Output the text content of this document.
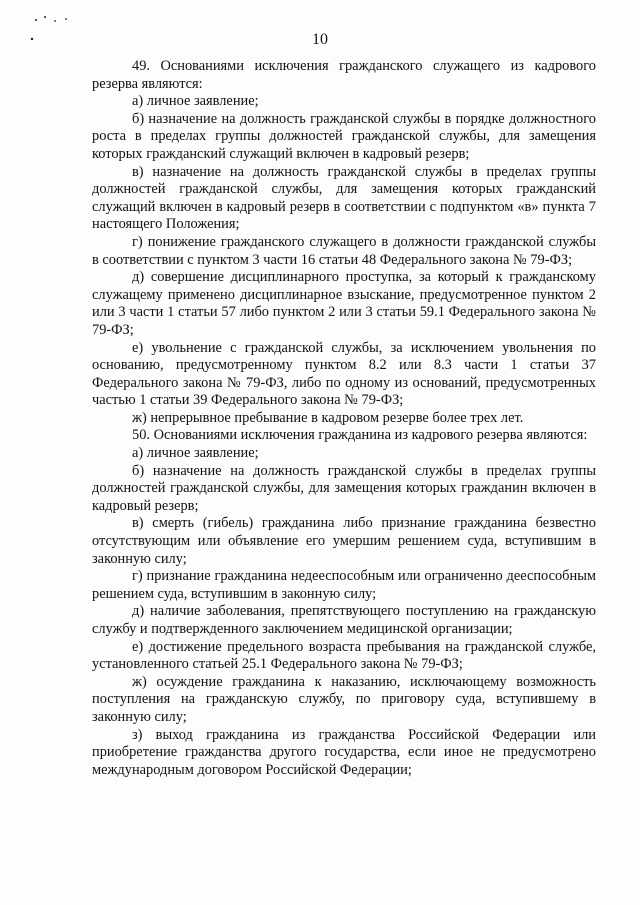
10

49. Основаниями исключения гражданского служащего из кадрового резерва являются:

а) личное заявление;

б) назначение на должность гражданской службы в порядке должностного роста в пределах группы должностей гражданской службы, для замещения которых гражданский служащий включен в кадровый резерв;

в) назначение на должность гражданской службы в пределах группы должностей гражданской службы, для замещения которых гражданский служащий включен в кадровый резерв в соответствии с подпунктом «в» пункта 7 настоящего Положения;

г) понижение гражданского служащего в должности гражданской службы в соответствии с пунктом 3 части 16 статьи 48 Федерального закона № 79-ФЗ;

д) совершение дисциплинарного проступка, за который к гражданскому служащему применено дисциплинарное взыскание, предусмотренное пунктом 2 или 3 части 1 статьи 57 либо пунктом 2 или 3 статьи 59.1 Федерального закона № 79-ФЗ;

е) увольнение с гражданской службы, за исключением увольнения по основанию, предусмотренному пунктом 8.2 или 8.3 части 1 статьи 37 Федерального закона № 79-ФЗ, либо по одному из оснований, предусмотренных частью 1 статьи 39 Федерального закона № 79-ФЗ;

ж) непрерывное пребывание в кадровом резерве более трех лет.

50. Основаниями исключения гражданина из кадрового резерва являются:

а) личное заявление;

б) назначение на должность гражданской службы в пределах группы должностей гражданской службы, для замещения которых гражданин включен в кадровый резерв;

в) смерть (гибель) гражданина либо признание гражданина безвестно отсутствующим или объявление его умершим решением суда, вступившим в законную силу;

г) признание гражданина недееспособным или ограниченно дееспособным решением суда, вступившим в законную силу;

д) наличие заболевания, препятствующего поступлению на гражданскую службу и подтвержденного заключением медицинской организации;

е) достижение предельного возраста пребывания на гражданской службе, установленного статьей 25.1 Федерального закона № 79-ФЗ;

ж) осуждение гражданина к наказанию, исключающему возможность поступления на гражданскую службу, по приговору суда, вступившему в законную силу;

з) выход гражданина из гражданства Российской Федерации или приобретение гражданства другого государства, если иное не предусмотрено международным договором Российской Федерации;
